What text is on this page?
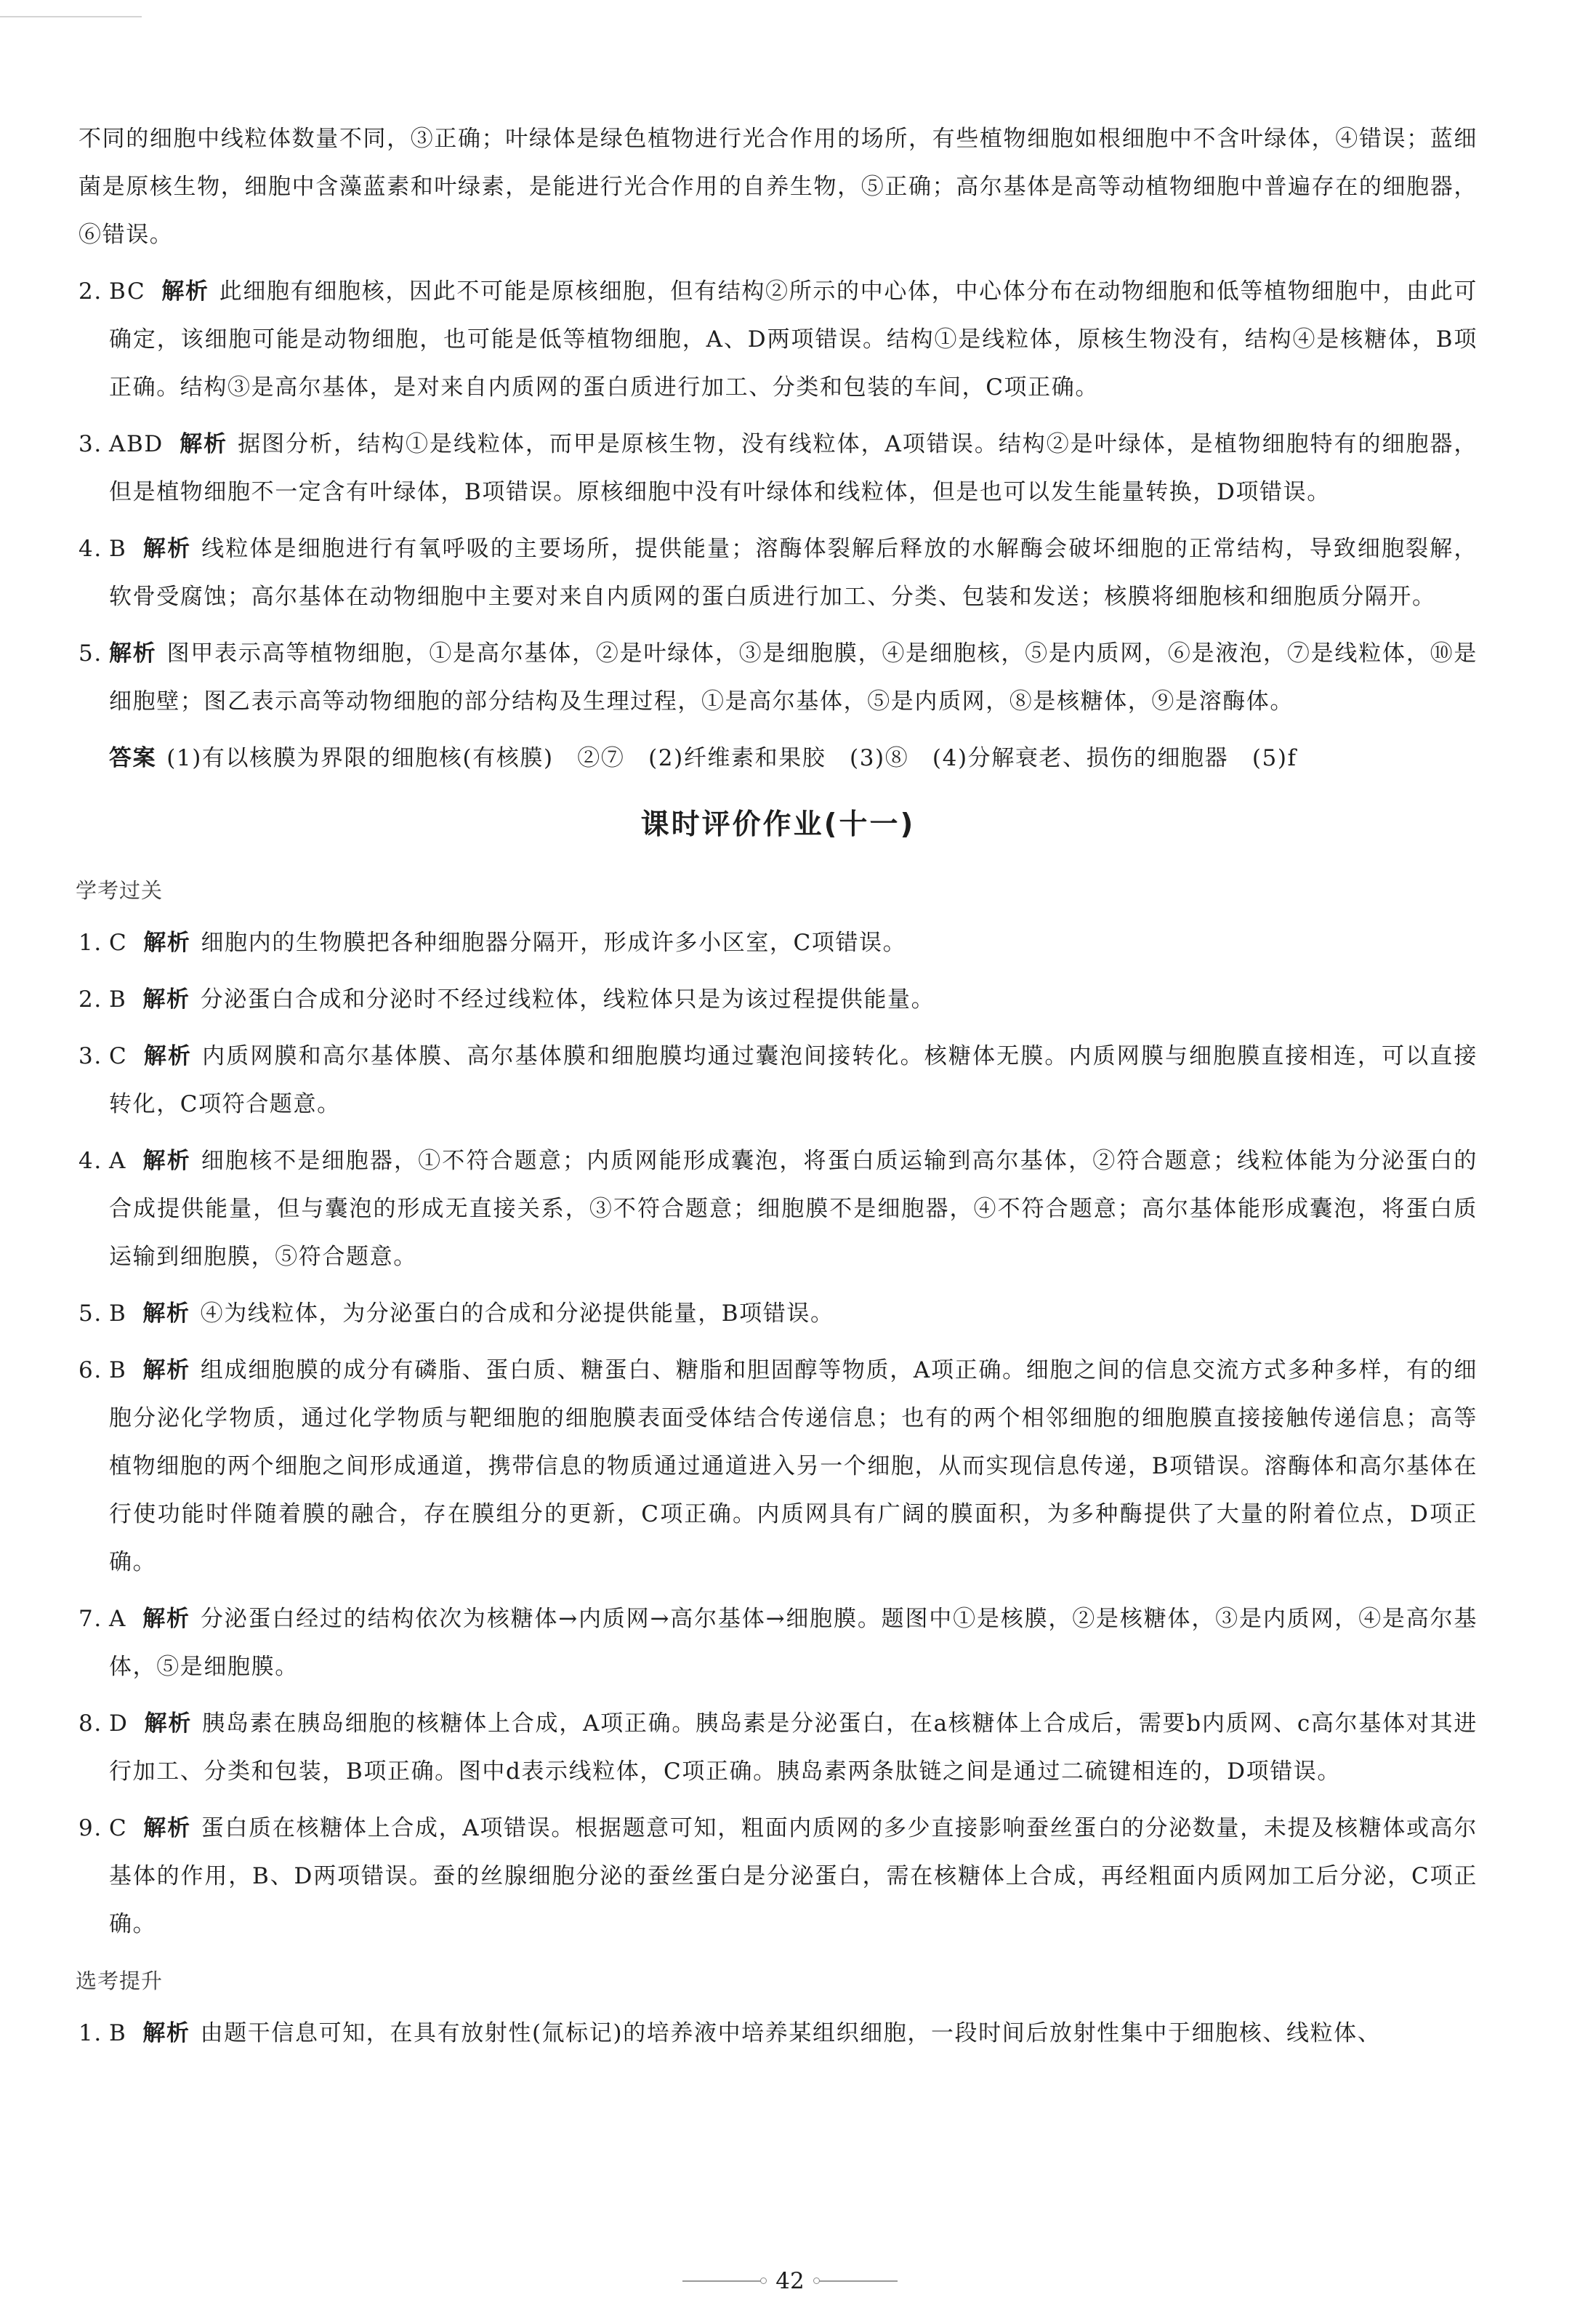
不同的细胞中线粒体数量不同，③正确；叶绿体是绿色植物进行光合作用的场所，有些植物细胞如根细胞中不含叶绿体，④错误；蓝细菌是原核生物，细胞中含藻蓝素和叶绿素，是能进行光合作用的自养生物，⑤正确；高尔基体是高等动植物细胞中普遍存在的细胞器，⑥错误。

2. BC 解析 此细胞有细胞核，因此不可能是原核细胞，但有结构②所示的中心体，中心体分布在动物细胞和低等植物细胞中，由此可确定，该细胞可能是动物细胞，也可能是低等植物细胞，A、D两项错误。结构①是线粒体，原核生物没有，结构④是核糖体，B项正确。结构③是高尔基体，是对来自内质网的蛋白质进行加工、分类和包装的车间，C项正确。
3. ABD 解析 据图分析，结构①是线粒体，而甲是原核生物，没有线粒体，A项错误。结构②是叶绿体，是植物细胞特有的细胞器，但是植物细胞不一定含有叶绿体，B项错误。原核细胞中没有叶绿体和线粒体，但是也可以发生能量转换，D项错误。
4. B 解析 线粒体是细胞进行有氧呼吸的主要场所，提供能量；溶酶体裂解后释放的水解酶会破坏细胞的正常结构，导致细胞裂解，软骨受腐蚀；高尔基体在动物细胞中主要对来自内质网的蛋白质进行加工、分类、包装和发送；核膜将细胞核和细胞质分隔开。
5. 解析 图甲表示高等植物细胞，①是高尔基体，②是叶绿体，③是细胞膜，④是细胞核，⑤是内质网，⑥是液泡，⑦是线粒体，⑩是细胞壁；图乙表示高等动物细胞的部分结构及生理过程，①是高尔基体，⑤是内质网，⑧是核糖体，⑨是溶酶体。
答案 (1)有以核膜为界限的细胞核(有核膜)　②⑦　(2)纤维素和果胶　(3)⑧　(4)分解衰老、损伤的细胞器　(5)f
课时评价作业(十一)
学考过关
1. C 解析 细胞内的生物膜把各种细胞器分隔开，形成许多小区室，C项错误。
2. B 解析 分泌蛋白合成和分泌时不经过线粒体，线粒体只是为该过程提供能量。
3. C 解析 内质网膜和高尔基体膜、高尔基体膜和细胞膜均通过囊泡间接转化。核糖体无膜。内质网膜与细胞膜直接相连，可以直接转化，C项符合题意。
4. A 解析 细胞核不是细胞器，①不符合题意；内质网能形成囊泡，将蛋白质运输到高尔基体，②符合题意；线粒体能为分泌蛋白的合成提供能量，但与囊泡的形成无直接关系，③不符合题意；细胞膜不是细胞器，④不符合题意；高尔基体能形成囊泡，将蛋白质运输到细胞膜，⑤符合题意。
5. B 解析 ④为线粒体，为分泌蛋白的合成和分泌提供能量，B项错误。
6. B 解析 组成细胞膜的成分有磷脂、蛋白质、糖蛋白、糖脂和胆固醇等物质，A项正确。细胞之间的信息交流方式多种多样，有的细胞分泌化学物质，通过化学物质与靶细胞的细胞膜表面受体结合传递信息；也有的两个相邻细胞的细胞膜直接接触传递信息；高等植物细胞的两个细胞之间形成通道，携带信息的物质通过通道进入另一个细胞，从而实现信息传递，B项错误。溶酶体和高尔基体在行使功能时伴随着膜的融合，存在膜组分的更新，C项正确。内质网具有广阔的膜面积，为多种酶提供了大量的附着位点，D项正确。
7. A 解析 分泌蛋白经过的结构依次为核糖体→内质网→高尔基体→细胞膜。题图中①是核膜，②是核糖体，③是内质网，④是高尔基体，⑤是细胞膜。
8. D 解析 胰岛素在胰岛细胞的核糖体上合成，A项正确。胰岛素是分泌蛋白，在a核糖体上合成后，需要b内质网、c高尔基体对其进行加工、分类和包装，B项正确。图中d表示线粒体，C项正确。胰岛素两条肽链之间是通过二硫键相连的，D项错误。
9. C 解析 蛋白质在核糖体上合成，A项错误。根据题意可知，粗面内质网的多少直接影响蚕丝蛋白的分泌数量，未提及核糖体或高尔基体的作用，B、D两项错误。蚕的丝腺细胞分泌的蚕丝蛋白是分泌蛋白，需在核糖体上合成，再经粗面内质网加工后分泌，C项正确。
选考提升
1. B 解析 由题干信息可知，在具有放射性(氚标记)的培养液中培养某组织细胞，一段时间后放射性集中于细胞核、线粒体、
42
